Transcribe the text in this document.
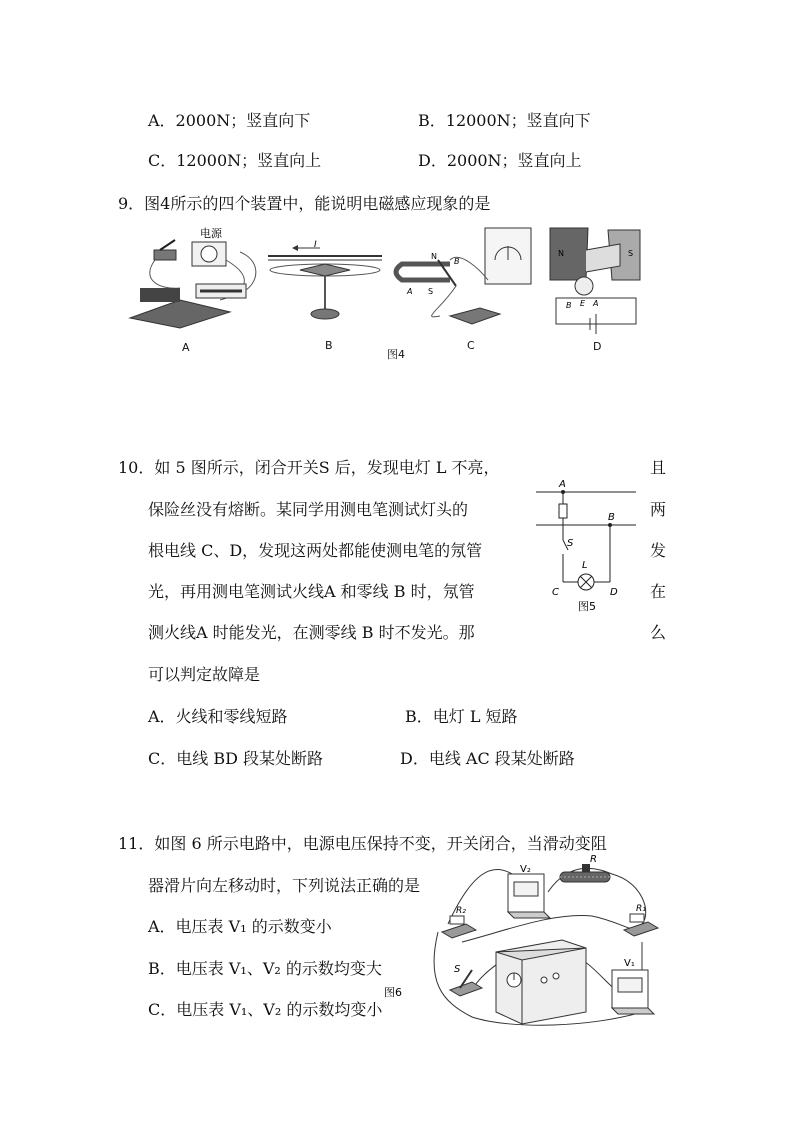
A．2000N；竖直向下	B．12000N；竖直向下
C．12000N；竖直向上	D．2000N；竖直向上
9．图4所示的四个装置中，能说明电磁感应现象的是
电源
I
N
S
B
A
N	S
B	A
E
A	B
图4
C	D
10．如 5 图所示，闭合开关S 后，发现电灯 L 不亮，
保险丝没有熔断。某同学用测电笔测试灯头的
根电线 C、D，发现这两处都能使测电笔的氖管
光，再用测电笔测试火线A 和零线 B 时，氖管
测火线A 时能发光，在测零线 B 时不发光。那
可以判定故障是
且
两
发
在
么
A．火线和零线短路	B．电灯 L 短路
C．电线 BD 段某处断路	D．电线 AC 段某处断路
A
B
S
L
C	D
图5
11．如图 6 所示电路中，电源电压保持不变，开关闭合，当滑动变阻
器滑片向左移动时，下列说法正确的是
A．电压表 V₁ 的示数变小
B．电压表 V₁、V₂ 的示数均变大
C．电压表 V₁、V₂ 的示数均变小
R
V₂
R₂	R₁
S
V₁
图6
